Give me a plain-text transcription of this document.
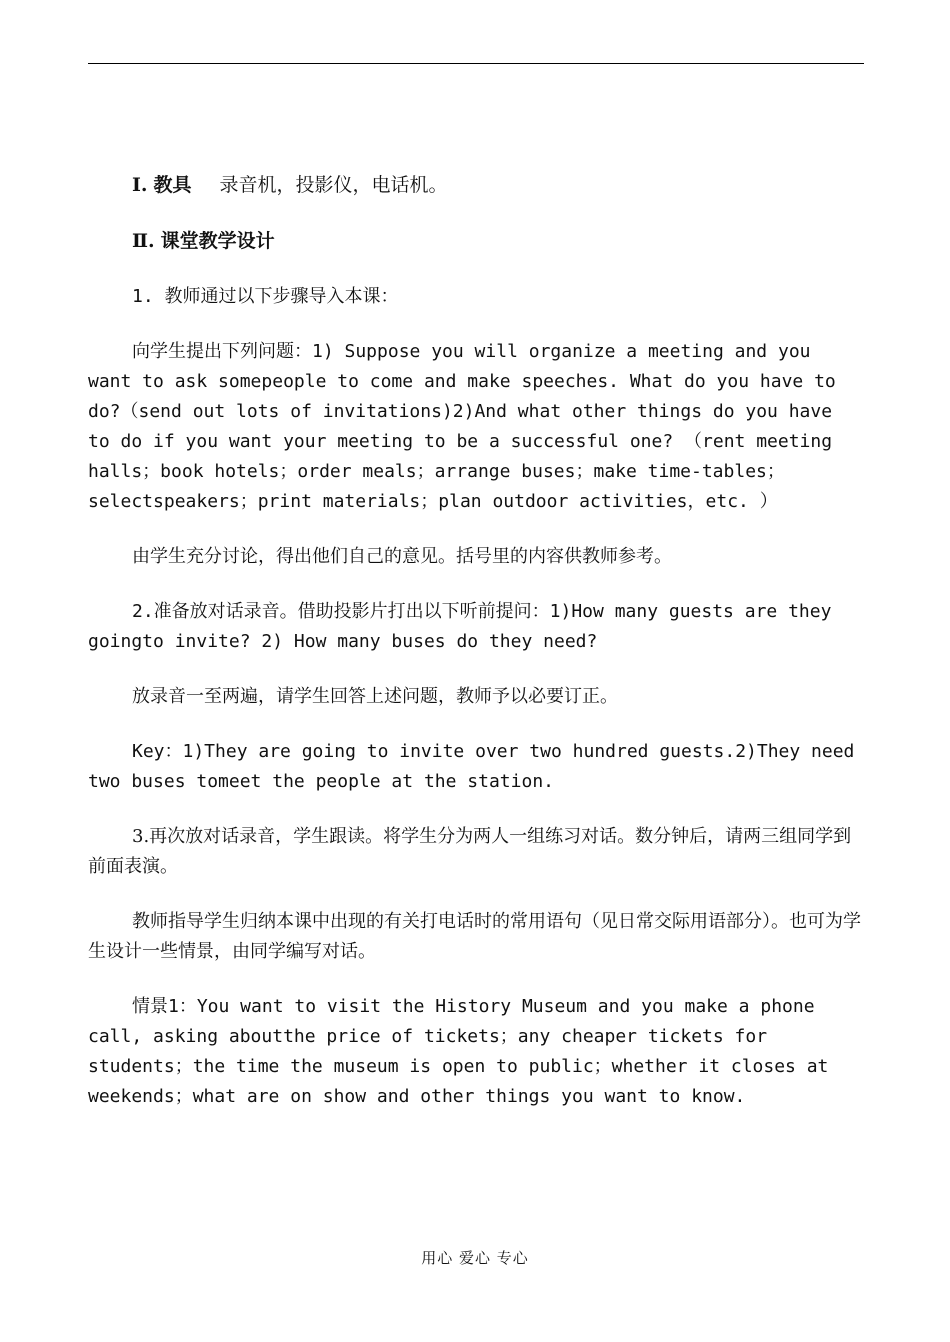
Ⅰ. 教具 录音机，投影仪，电话机。
Ⅱ. 课堂教学设计

1. 教师通过以下步骤导入本课：

向学生提出下列问题：1) Suppose you will organize a meeting and you want to ask somepeople to come and make speeches. What do you have to do?（send out lots of invitations)2)And what other things do you have to do if you want your meeting to be a successful one? （rent meeting halls；book hotels；order meals；arrange buses；make time-tables；selectspeakers；print materials；plan outdoor activities，etc. ）

由学生充分讨论，得出他们自己的意见。括号里的内容供教师参考。

2.准备放对话录音。借助投影片打出以下听前提问：1)How many guests are they goingto invite? 2) How many buses do they need?

放录音一至两遍，请学生回答上述问题，教师予以必要订正。

Key：1)They are going to invite over two hundred guests.2)They need two buses tomeet the people at the station.

3.再次放对话录音，学生跟读。将学生分为两人一组练习对话。数分钟后，请两三组同学到前面表演。

教师指导学生归纳本课中出现的有关打电话时的常用语句（见日常交际用语部分）。也可为学生设计一些情景，由同学编写对话。

情景1：You want to visit the History Museum and you make a phone call, asking aboutthe price of tickets；any cheaper tickets for students；the time the museum is open to public；whether it closes at weekends；what are on show and other things you want to know.

用心 爱心 专心
